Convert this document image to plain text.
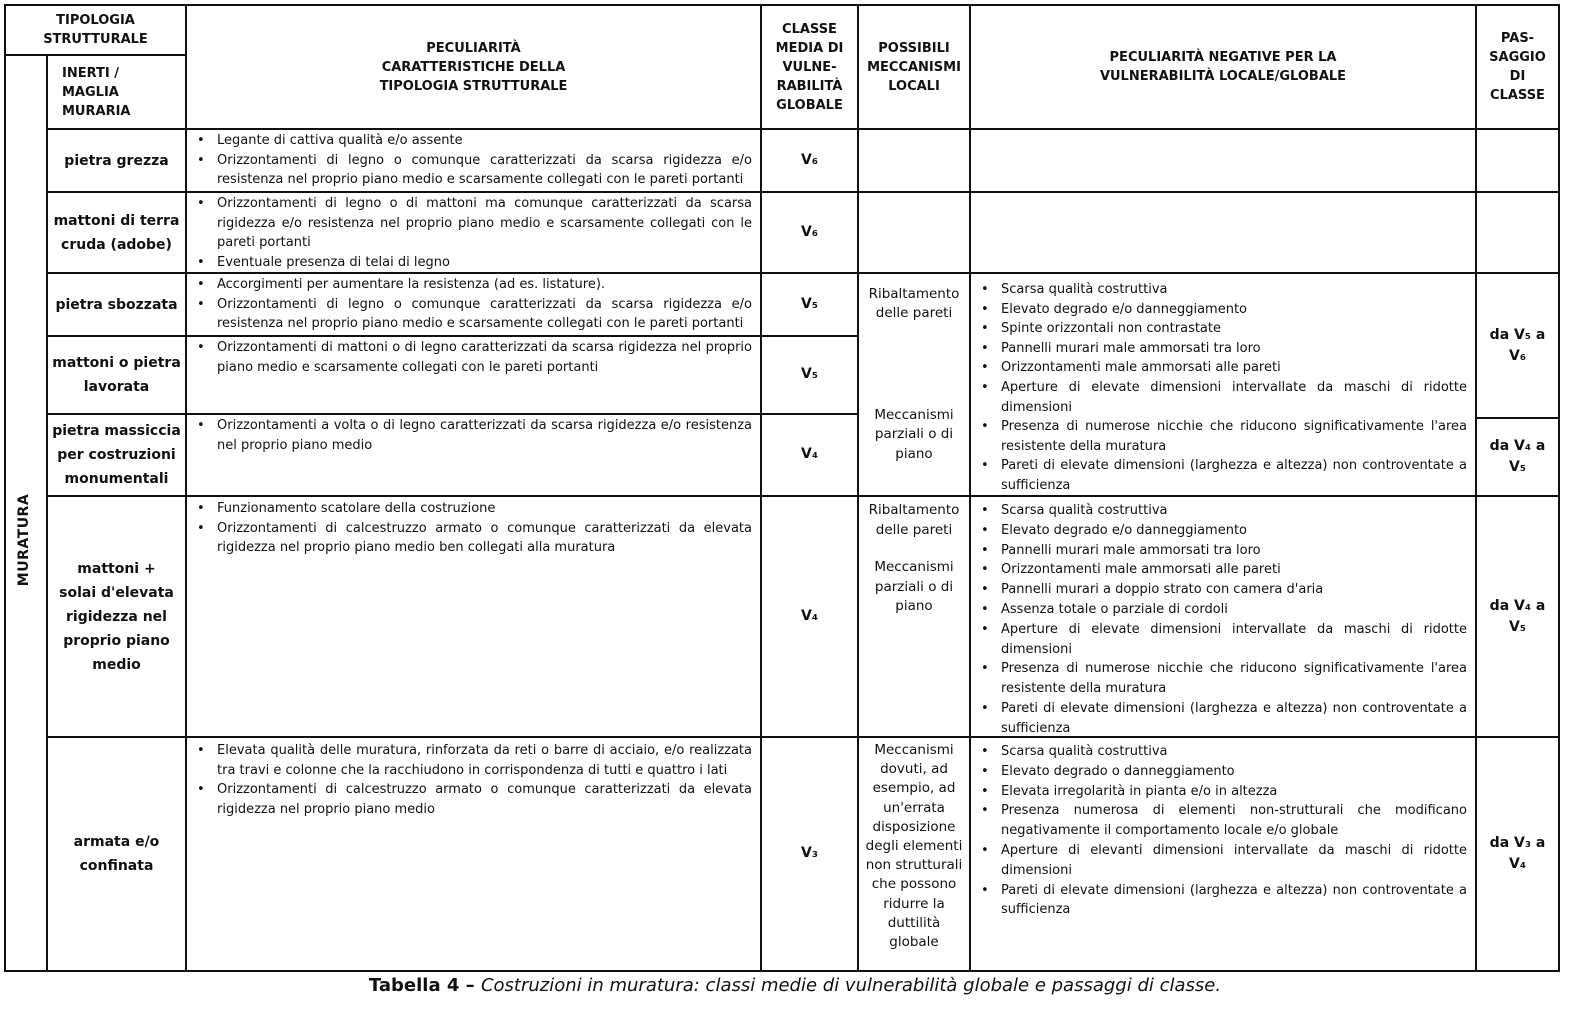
TIPOLOGIA STRUTTURALE
INERTI / MAGLIA MURARIA
PECULIARITÀ CARATTERISTICHE DELLA TIPOLOGIA STRUTTURALE
CLASSE MEDIA DI VULNE-RABILITÀ GLOBALE
POSSIBILI MECCANISMI LOCALI
PECULIARITÀ NEGATIVE PER LA VULNERABILITÀ LOCALE/GLOBALE
PAS-SAGGIO DI CLASSE
MURATURA
pietra grezza
• Legante di cattiva qualità e/o assente
• Orizzontamenti di legno o comunque caratterizzati da scarsa rigidezza e/o resistenza nel proprio piano medio e scarsamente collegati con le pareti portanti
V₆
mattoni di terra cruda (adobe)
• Orizzontamenti di legno o di mattoni ma comunque caratterizzati da scarsa rigidezza e/o resistenza nel proprio piano medio e scarsamente collegati con le pareti portanti
• Eventuale presenza di telai di legno
V₆
pietra sbozzata
• Accorgimenti per aumentare la resistenza (ad es. listature).
• Orizzontamenti di legno o comunque caratterizzati da scarsa rigidezza e/o resistenza nel proprio piano medio e scarsamente collegati con le pareti portanti
V₅
mattoni o pietra lavorata
• Orizzontamenti di mattoni o di legno caratterizzati da scarsa rigidezza nel proprio piano medio e scarsamente collegati con le pareti portanti	V₅
pietra massiccia per costruzioni monumentali
• Orizzontamenti a volta o di legno caratterizzati da scarsa rigidezza e/o resistenza nel proprio piano medio
V₄
Ribaltamento delle pareti
Meccanismi parziali o di piano
• Scarsa qualità costruttiva
• Elevato degrado e/o danneggiamento
• Spinte orizzontali non contrastate
• Pannelli murari male ammorsati tra loro
• Orizzontamenti male ammorsati alle pareti
• Aperture di elevate dimensioni intervallate da maschi di ridotte dimensioni
• Presenza di numerose nicchie che riducono significativamente l'area resistente della muratura
• Pareti di elevate dimensioni (larghezza e altezza) non controventate a sufficienza
da V₅ a V₆
da V₄ a V₅
mattoni + solai d'elevata rigidezza nel proprio piano medio
• Funzionamento scatolare della costruzione
• Orizzontamenti di calcestruzzo armato o comunque caratterizzati da elevata rigidezza nel proprio piano medio ben collegati alla muratura
V₄
Ribaltamento delle pareti
Meccanismi parziali o di piano
• Scarsa qualità costruttiva
• Elevato degrado e/o danneggiamento
• Pannelli murari male ammorsati tra loro
• Orizzontamenti male ammorsati alle pareti
• Pannelli murari a doppio strato con camera d'aria
• Assenza totale o parziale di cordoli
• Aperture di elevate dimensioni intervallate da maschi di ridotte dimensioni
• Presenza di numerose nicchie che riducono significativamente l'area resistente della muratura
• Pareti di elevate dimensioni (larghezza e altezza) non controventate a sufficienza
da V₄ a V₅
armata e/o confinata
• Elevata qualità delle muratura, rinforzata da reti o barre di acciaio, e/o realizzata tra travi e colonne che la racchiudono in corrispondenza di tutti e quattro i lati
• Orizzontamenti di calcestruzzo armato o comunque caratterizzati da elevata rigidezza nel proprio piano medio
V₃
Meccanismi dovuti, ad esempio, ad un'errata disposizione degli elementi non strutturali che possono ridurre la duttilità globale
• Scarsa qualità costruttiva
• Elevato degrado o danneggiamento
• Elevata irregolarità in pianta e/o in altezza
• Presenza numerosa di elementi non-strutturali che modificano negativamente il comportamento locale e/o globale
• Aperture di elevanti dimensioni intervallate da maschi di ridotte dimensioni
• Pareti di elevate dimensioni (larghezza e altezza) non controventate a sufficienza
da V₃ a V₄
Tabella 4 – Costruzioni in muratura: classi medie di vulnerabilità globale e passaggi di classe.
